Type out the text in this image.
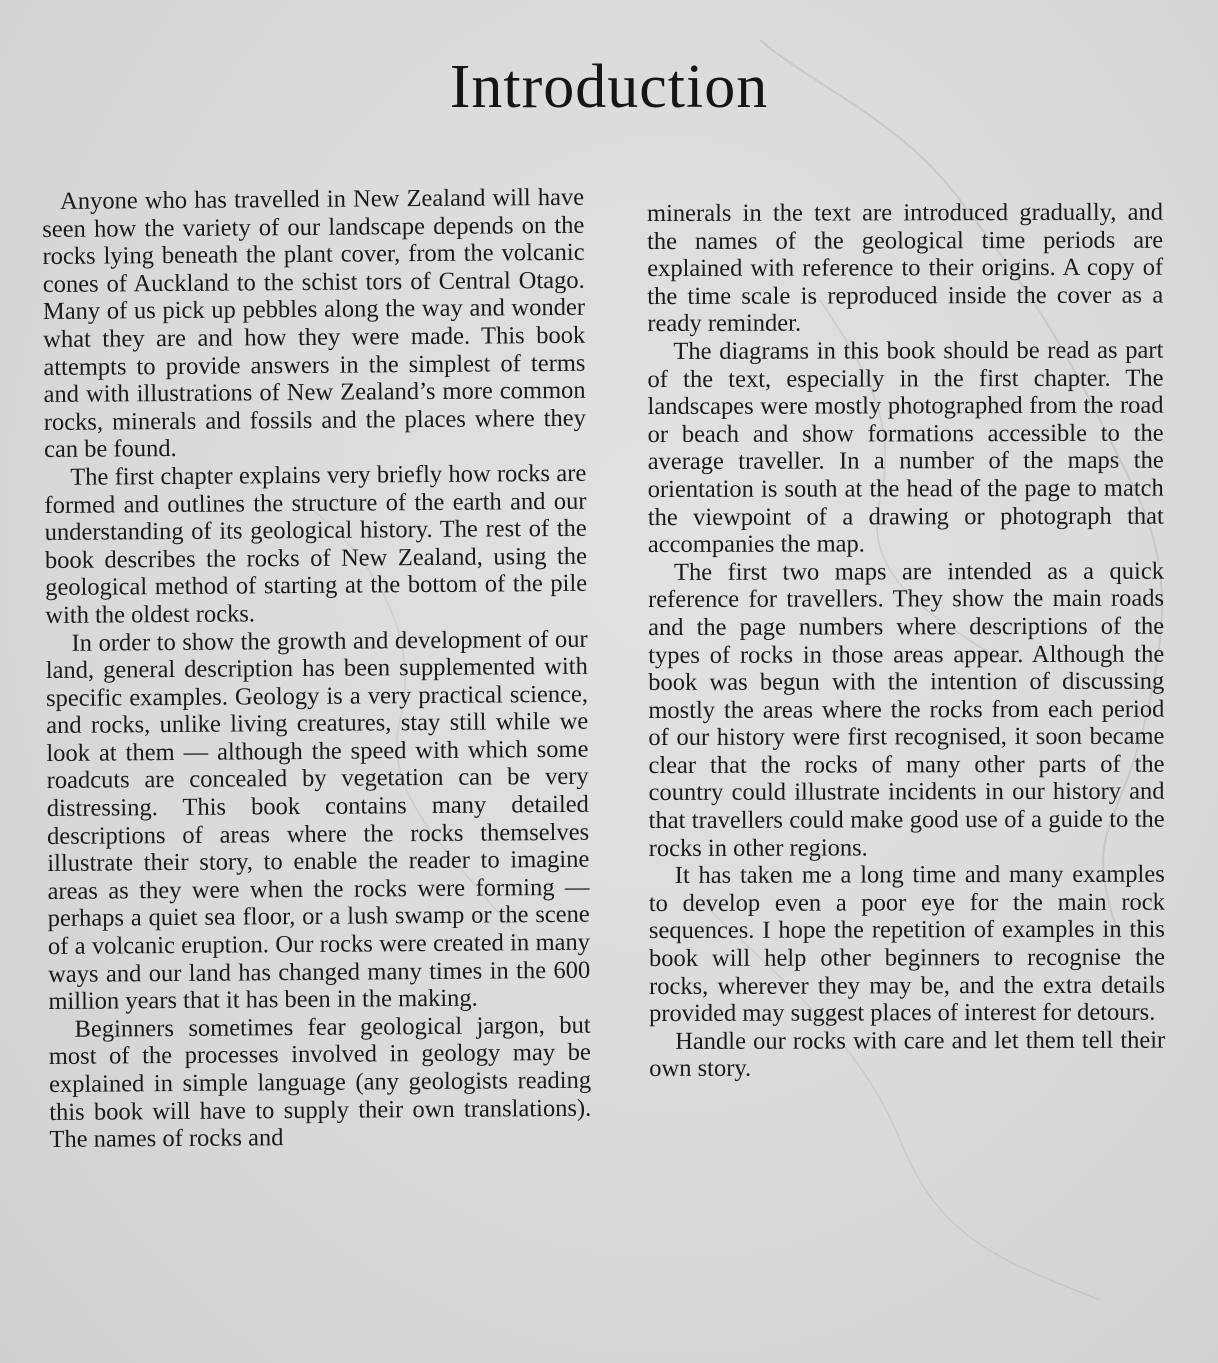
Introduction

Anyone who has travelled in New Zealand will have seen how the variety of our landscape depends on the rocks lying beneath the plant cover, from the volcanic cones of Auckland to the schist tors of Central Otago. Many of us pick up pebbles along the way and wonder what they are and how they were made. This book attempts to provide answers in the simplest of terms and with illustrations of New Zealand’s more common rocks, minerals and fossils and the places where they can be found.

The first chapter explains very briefly how rocks are formed and outlines the structure of the earth and our understanding of its geological history. The rest of the book describes the rocks of New Zealand, using the geological method of starting at the bottom of the pile with the oldest rocks.

In order to show the growth and development of our land, general description has been supplemented with specific examples. Geology is a very practical science, and rocks, unlike living creatures, stay still while we look at them — although the speed with which some roadcuts are concealed by vegetation can be very distressing. This book contains many detailed descriptions of areas where the rocks themselves illustrate their story, to enable the reader to imagine areas as they were when the rocks were forming — perhaps a quiet sea floor, or a lush swamp or the scene of a volcanic eruption. Our rocks were created in many ways and our land has changed many times in the 600 million years that it has been in the making.

Beginners sometimes fear geological jargon, but most of the processes involved in geology may be explained in simple language (any geologists reading this book will have to supply their own translations). The names of rocks and

minerals in the text are introduced gradually, and the names of the geological time periods are explained with reference to their origins. A copy of the time scale is reproduced inside the cover as a ready reminder.

The diagrams in this book should be read as part of the text, especially in the first chapter. The landscapes were mostly photographed from the road or beach and show formations accessible to the average traveller. In a number of the maps the orientation is south at the head of the page to match the viewpoint of a drawing or photograph that accompanies the map.

The first two maps are intended as a quick reference for travellers. They show the main roads and the page numbers where descriptions of the types of rocks in those areas appear. Although the book was begun with the intention of discussing mostly the areas where the rocks from each period of our history were first recognised, it soon became clear that the rocks of many other parts of the country could illustrate incidents in our history and that travellers could make good use of a guide to the rocks in other regions.

It has taken me a long time and many examples to develop even a poor eye for the main rock sequences. I hope the repetition of examples in this book will help other beginners to recognise the rocks, wherever they may be, and the extra details provided may suggest places of interest for detours.

Handle our rocks with care and let them tell their own story.
